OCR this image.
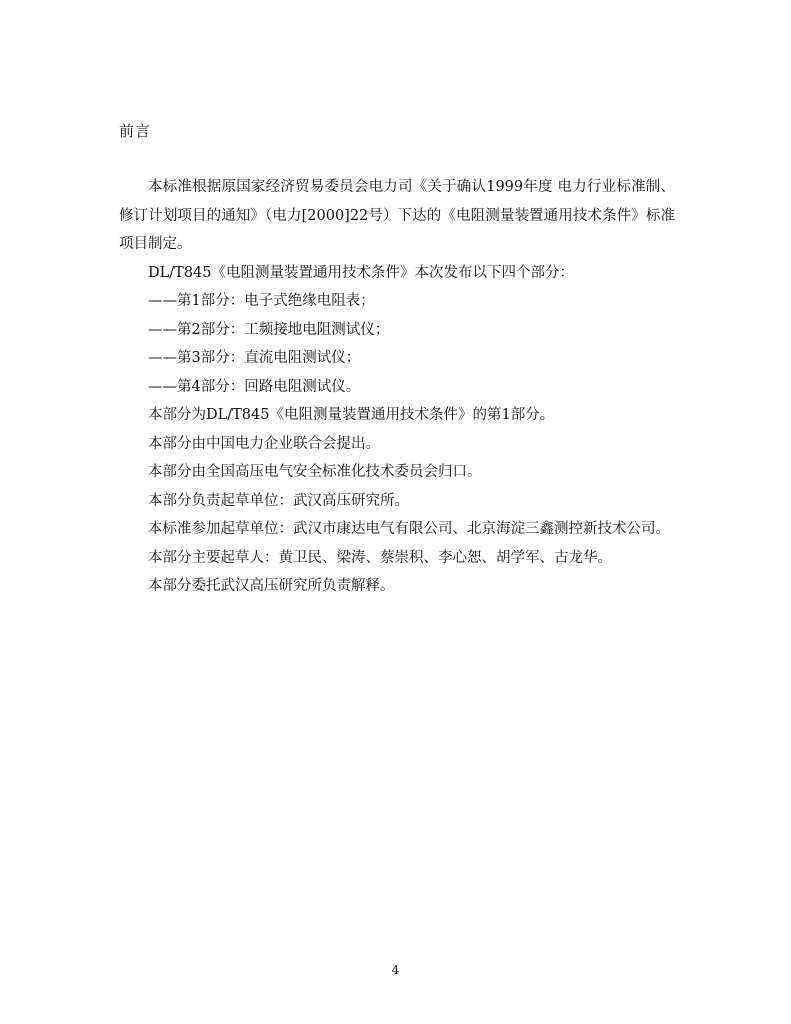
前言

本标准根据原国家经济贸易委员会电力司《关于确认1999年度 电力行业标准制、修订计划项目的通知》（电力[2000]22号）下达的《电阻测量装置通用技术条件》标准项目制定。

DL/T845《电阻测量装置通用技术条件》本次发布以下四个部分：

——第1部分：电子式绝缘电阻表；

——第2部分：工频接地电阻测试仪；

——第3部分：直流电阻测试仪；

——第4部分：回路电阻测试仪。

本部分为DL/T845《电阻测量装置通用技术条件》的第1部分。

本部分由中国电力企业联合会提出。

本部分由全国高压电气安全标准化技术委员会归口。

本部分负责起草单位：武汉高压研究所。

本标准参加起草单位：武汉市康达电气有限公司、北京海淀三鑫测控新技术公司。

本部分主要起草人：黄卫民、梁涛、蔡崇积、李心恕、胡学军、古龙华。

本部分委托武汉高压研究所负责解释。

4
